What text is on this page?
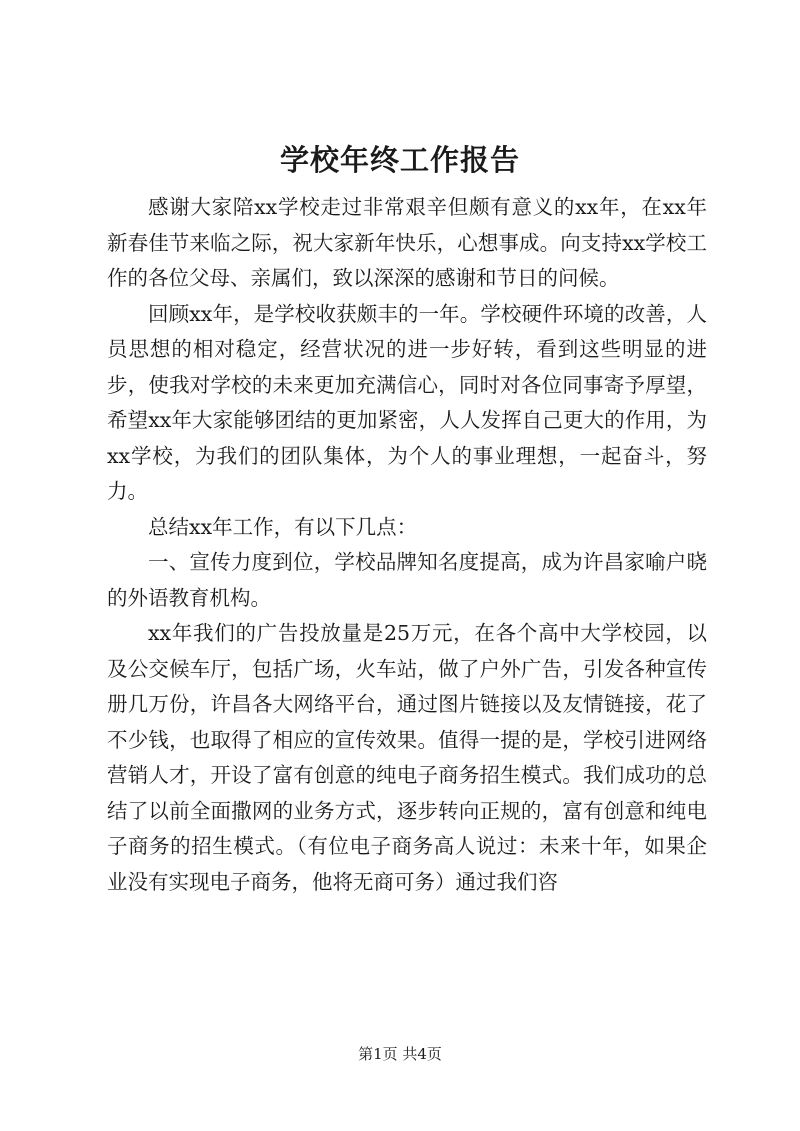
学校年终工作报告

感谢大家陪xx学校走过非常艰辛但颇有意义的xx年，在xx年新春佳节来临之际，祝大家新年快乐，心想事成。向支持xx学校工作的各位父母、亲属们，致以深深的感谢和节日的问候。

回顾xx年，是学校收获颇丰的一年。学校硬件环境的改善，人员思想的相对稳定，经营状况的进一步好转，看到这些明显的进步，使我对学校的未来更加充满信心，同时对各位同事寄予厚望，希望xx年大家能够团结的更加紧密，人人发挥自己更大的作用，为xx学校，为我们的团队集体，为个人的事业理想，一起奋斗，努力。

总结xx年工作，有以下几点：

一、宣传力度到位，学校品牌知名度提高，成为许昌家喻户晓的外语教育机构。

xx年我们的广告投放量是25万元，在各个高中大学校园，以及公交候车厅，包括广场，火车站，做了户外广告，引发各种宣传册几万份，许昌各大网络平台，通过图片链接以及友情链接，花了不少钱，也取得了相应的宣传效果。值得一提的是，学校引进网络营销人才，开设了富有创意的纯电子商务招生模式。我们成功的总结了以前全面撒网的业务方式，逐步转向正规的，富有创意和纯电子商务的招生模式。（有位电子商务高人说过：未来十年，如果企业没有实现电子商务，他将无商可务）通过我们咨

第1页 共4页
